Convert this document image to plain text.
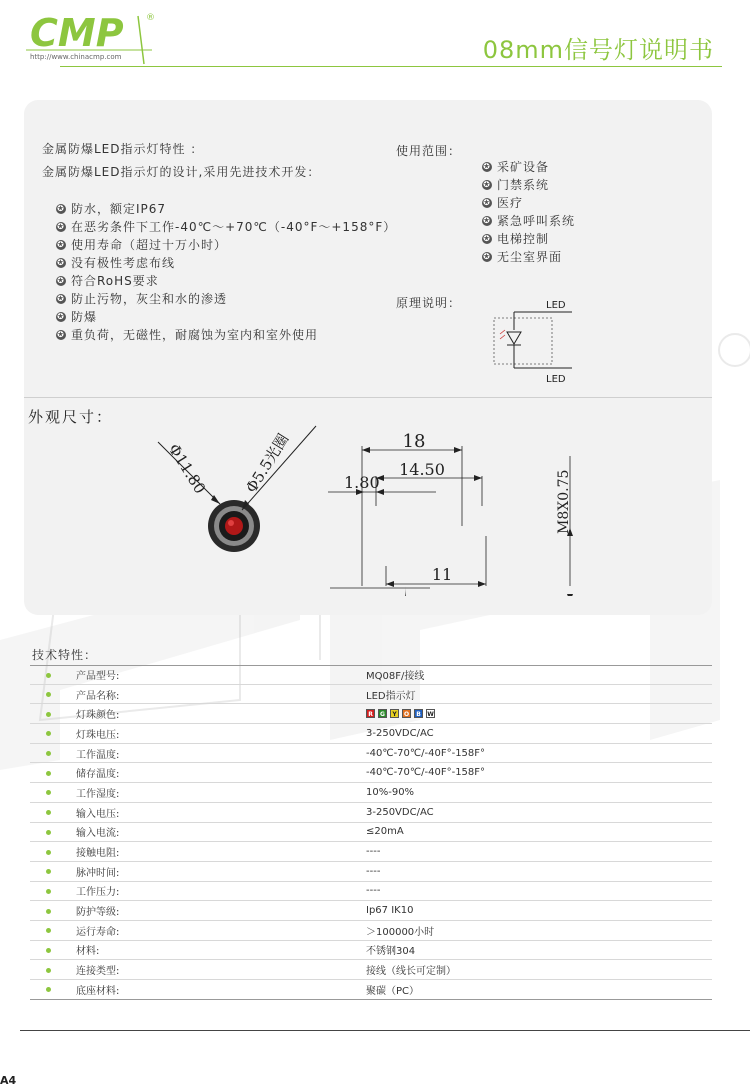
CMP
http://www.chinacmp.com
®
08mm信号灯说明书
金属防爆LED指示灯特性 ：
金属防爆LED指示灯的设计,采用先进技术开发：
✪ 防水，额定IP67
✪ 在恶劣条件下工作-40℃～+70℃（-40°F～+158°F）
✪ 使用寿命（超过十万小时）
✪ 没有极性考虑布线
✪ 符合RoHS要求
✪ 防止污物，灰尘和水的渗透
✪ 防爆
✪ 重负荷，无磁性，耐腐蚀为室内和室外使用
使用范围：
✪ 采矿设备
✪ 门禁系统
✪ 医疗
✪ 紧急呼叫系统
✪ 电梯控制
✪ 无尘室界面
原理说明：	LED
LED
外观尺寸：
Φ11.80 Φ5.5光圈	18
14.50
1.80
11
M8X0.75
技术特性：
产品型号:	MQ08F/接线
产品名称:	LED指示灯
灯珠颜色:	R	G	Y	O	B	W
灯珠电压:	3-250VDC/AC
工作温度:	-40℃-70℃/-40F°-158F°
储存温度:	-40℃-70℃/-40F°-158F°
工作湿度:	10%-90%
输入电压:	3-250VDC/AC
输入电流:	≤20mA
接触电阻:	----
脉冲时间:	----
工作压力:	----
防护等级:	Ip67 IK10
运行寿命:	＞100000小时
材料:	不锈钢304
连接类型:	接线（线长可定制）
底座材料:	聚碳（PC）
A4
